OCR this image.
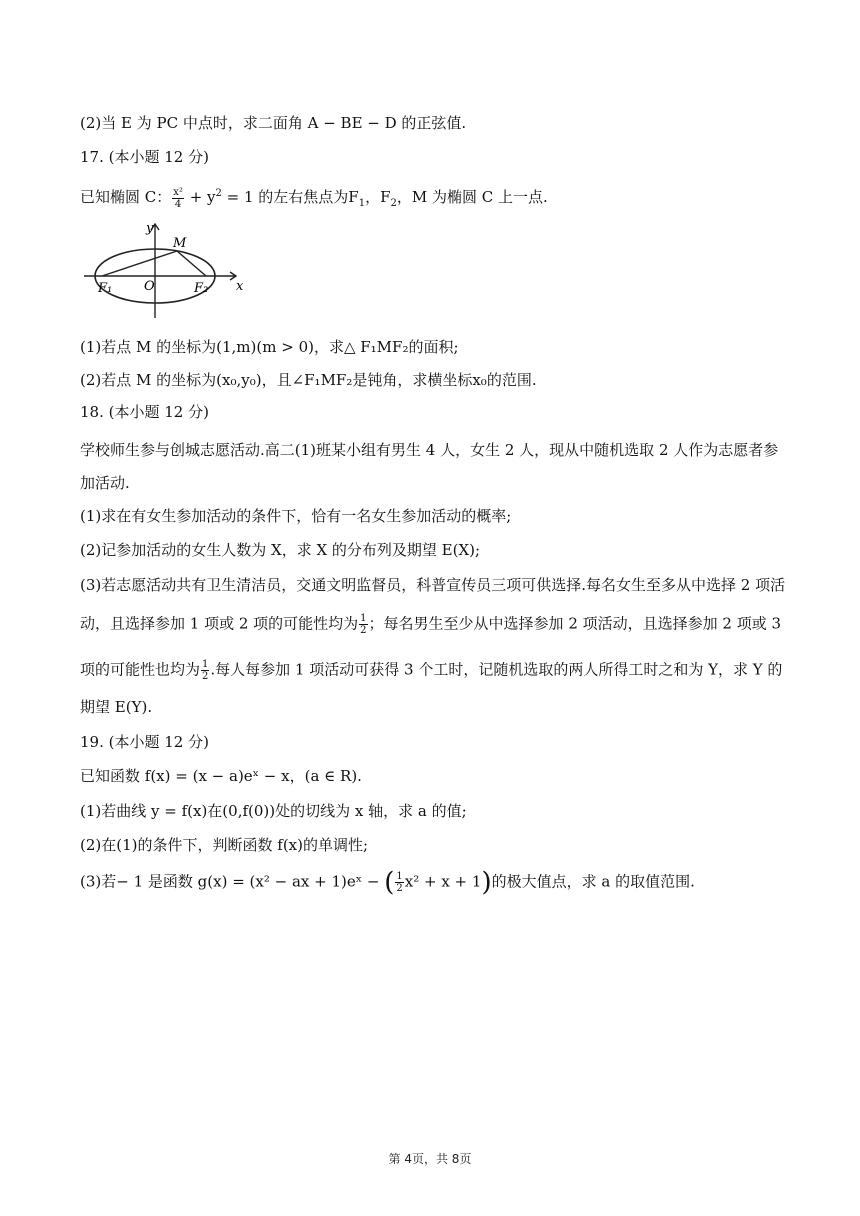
(2)当 E 为 PC 中点时，求二面角 A − BE − D 的正弦值.
17. (本小题 12 分)
已知椭圆 C： $\frac{\text{x²}}{4} + y^2 = 1$ 的左右焦点为$F_1$，$F_2$，M 为椭圆 C 上一点.
y
x
M
O
F₁	F₂
(1)若点 M 的坐标为(1,m)(m > 0)，求△ F₁MF₂的面积;
(2)若点 M 的坐标为(x₀,y₀)，且∠F₁MF₂是钝角，求横坐标x₀的范围.
18. (本小题 12 分)
学校师生参与创城志愿活动.高二(1)班某小组有男生 4 人，女生 2 人，现从中随机选取 2 人作为志愿者参
加活动.
(1)求在有女生参加活动的条件下，恰有一名女生参加活动的概率;
(2)记参加活动的女生人数为 X，求 X 的分布列及期望 E(X);
(3)若志愿活动共有卫生清洁员，交通文明监督员，科普宣传员三项可供选择.每名女生至多从中选择 2 项活
动，且选择参加 1 项或 2 项的可能性均为 $\frac{1}{2}$ ；每名男生至少从中选择参加 2 项活动，且选择参加 2 项或 3
项的可能性也均为 $\frac{1}{2}$ .每人每参加 1 项活动可获得 3 个工时，记随机选取的两人所得工时之和为 Y，求 Y 的
期望 E(Y).
19. (本小题 12 分)
已知函数 f(x) = (x − a)eˣ − x，(a ∈ R).
(1)若曲线 y = f(x)在(0,f(0))处的切线为 x 轴，求 a 的值;
(2)在(1)的条件下，判断函数 f(x)的单调性;
(3)若− 1 是函数 g(x) = (x² − ax + 1)eˣ − ( $\frac{1}{2} x^2 + x + 1$)的极大值点，求 a 的取值范围.
第 4页，共 8页
